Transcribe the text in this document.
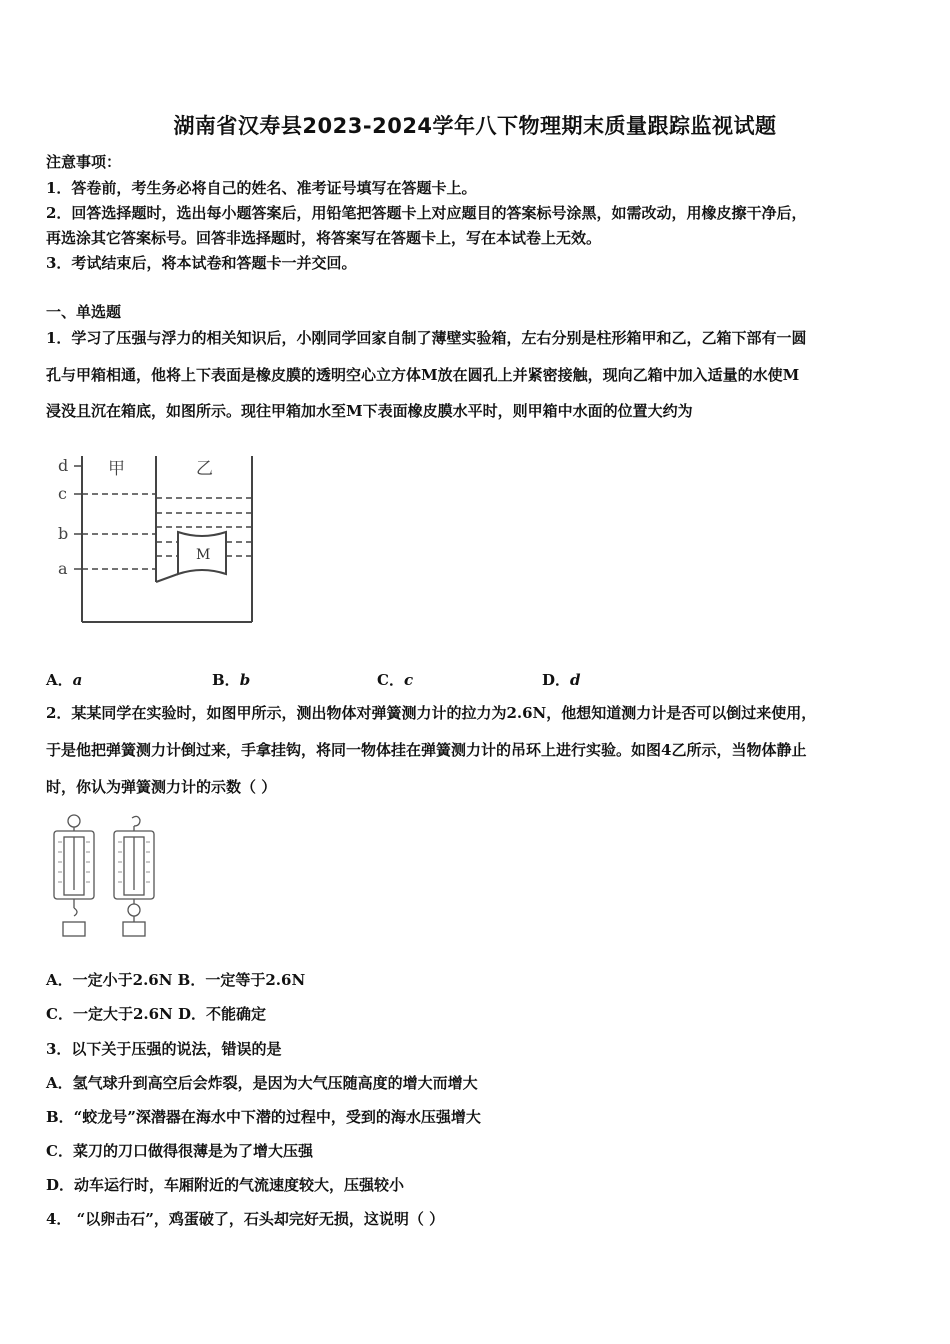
湖南省汉寿县2023-2024学年八下物理期末质量跟踪监视试题
注意事项：
1．答卷前，考生务必将自己的姓名、准考证号填写在答题卡上。
2．回答选择题时，选出每小题答案后，用铅笔把答题卡上对应题目的答案标号涂黑，如需改动，用橡皮擦干净后，
再选涂其它答案标号。回答非选择题时，将答案写在答题卡上，写在本试卷上无效。
3．考试结束后，将本试卷和答题卡一并交回。
一、单选题
1．学习了压强与浮力的相关知识后，小刚同学回家自制了薄壁实验箱，左右分别是柱形箱甲和乙，乙箱下部有一圆
孔与甲箱相通，他将上下表面是橡皮膜的透明空心立方体M放在圆孔上并紧密接触，现向乙箱中加入适量的水使M
浸没且沉在箱底，如图所示。现往甲箱加水至M下表面橡皮膜水平时，则甲箱中水面的位置大约为
M
甲	乙
d
c
b
a
A．a	B．b	C．c	D．d
2．某某同学在实验时，如图甲所示，测出物体对弹簧测力计的拉力为2.6N，他想知道测力计是否可以倒过来使用，
于是他把弹簧测力计倒过来，手拿挂钩，将同一物体挂在弹簧测力计的吊环上进行实验。如图4乙所示，当物体静止
时，你认为弹簧测力计的示数（ ）
A．一定小于2.6N B．一定等于2.6N
C．一定大于2.6N D．不能确定
3．以下关于压强的说法，错误的是
A．氢气球升到高空后会炸裂，是因为大气压随高度的增大而增大
B．“蛟龙号”深潜器在海水中下潜的过程中，受到的海水压强增大
C．菜刀的刀口做得很薄是为了增大压强
D．动车运行时，车厢附近的气流速度较大，压强较小
4． “以卵击石”，鸡蛋破了，石头却完好无损，这说明（ ）
